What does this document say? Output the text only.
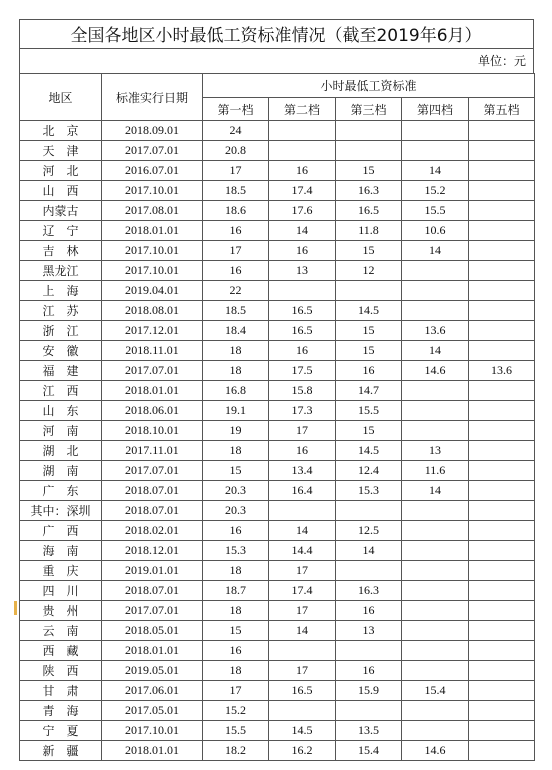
全国各地区小时最低工资标准情况（截至2019年6月）
单位：元
地区	标准实行日期	小时最低工资标准				
		第一档	第二档	第三档	第四档	第五档
北　京	2018.09.01	24				
天　津	2017.07.01	20.8				
河　北	2016.07.01	17	16	15	14	
山　西	2017.10.01	18.5	17.4	16.3	15.2	
内蒙古	2017.08.01	18.6	17.6	16.5	15.5	
辽　宁	2018.01.01	16	14	11.8	10.6	
吉　林	2017.10.01	17	16	15	14	
黑龙江	2017.10.01	16	13	12		
上　海	2019.04.01	22				
江　苏	2018.08.01	18.5	16.5	14.5		
浙　江	2017.12.01	18.4	16.5	15	13.6	
安　徽	2018.11.01	18	16	15	14	
福　建	2017.07.01	18	17.5	16	14.6	13.6
江　西	2018.01.01	16.8	15.8	14.7		
山　东	2018.06.01	19.1	17.3	15.5		
河　南	2018.10.01	19	17	15		
湖　北	2017.11.01	18	16	14.5	13	
湖　南	2017.07.01	15	13.4	12.4	11.6	
广　东	2018.07.01	20.3	16.4	15.3	14	
其中：深圳	2018.07.01	20.3				
广　西	2018.02.01	16	14	12.5		
海　南	2018.12.01	15.3	14.4	14		
重　庆	2019.01.01	18	17			
四　川	2018.07.01	18.7	17.4	16.3		
贵　州	2017.07.01	18	17	16		
云　南	2018.05.01	15	14	13		
西　藏	2018.01.01	16				
陕　西	2019.05.01	18	17	16		
甘　肃	2017.06.01	17	16.5	15.9	15.4	
青　海	2017.05.01	15.2				
宁　夏	2017.10.01	15.5	14.5	13.5		
新　疆	2018.01.01	18.2	16.2	15.4	14.6	
